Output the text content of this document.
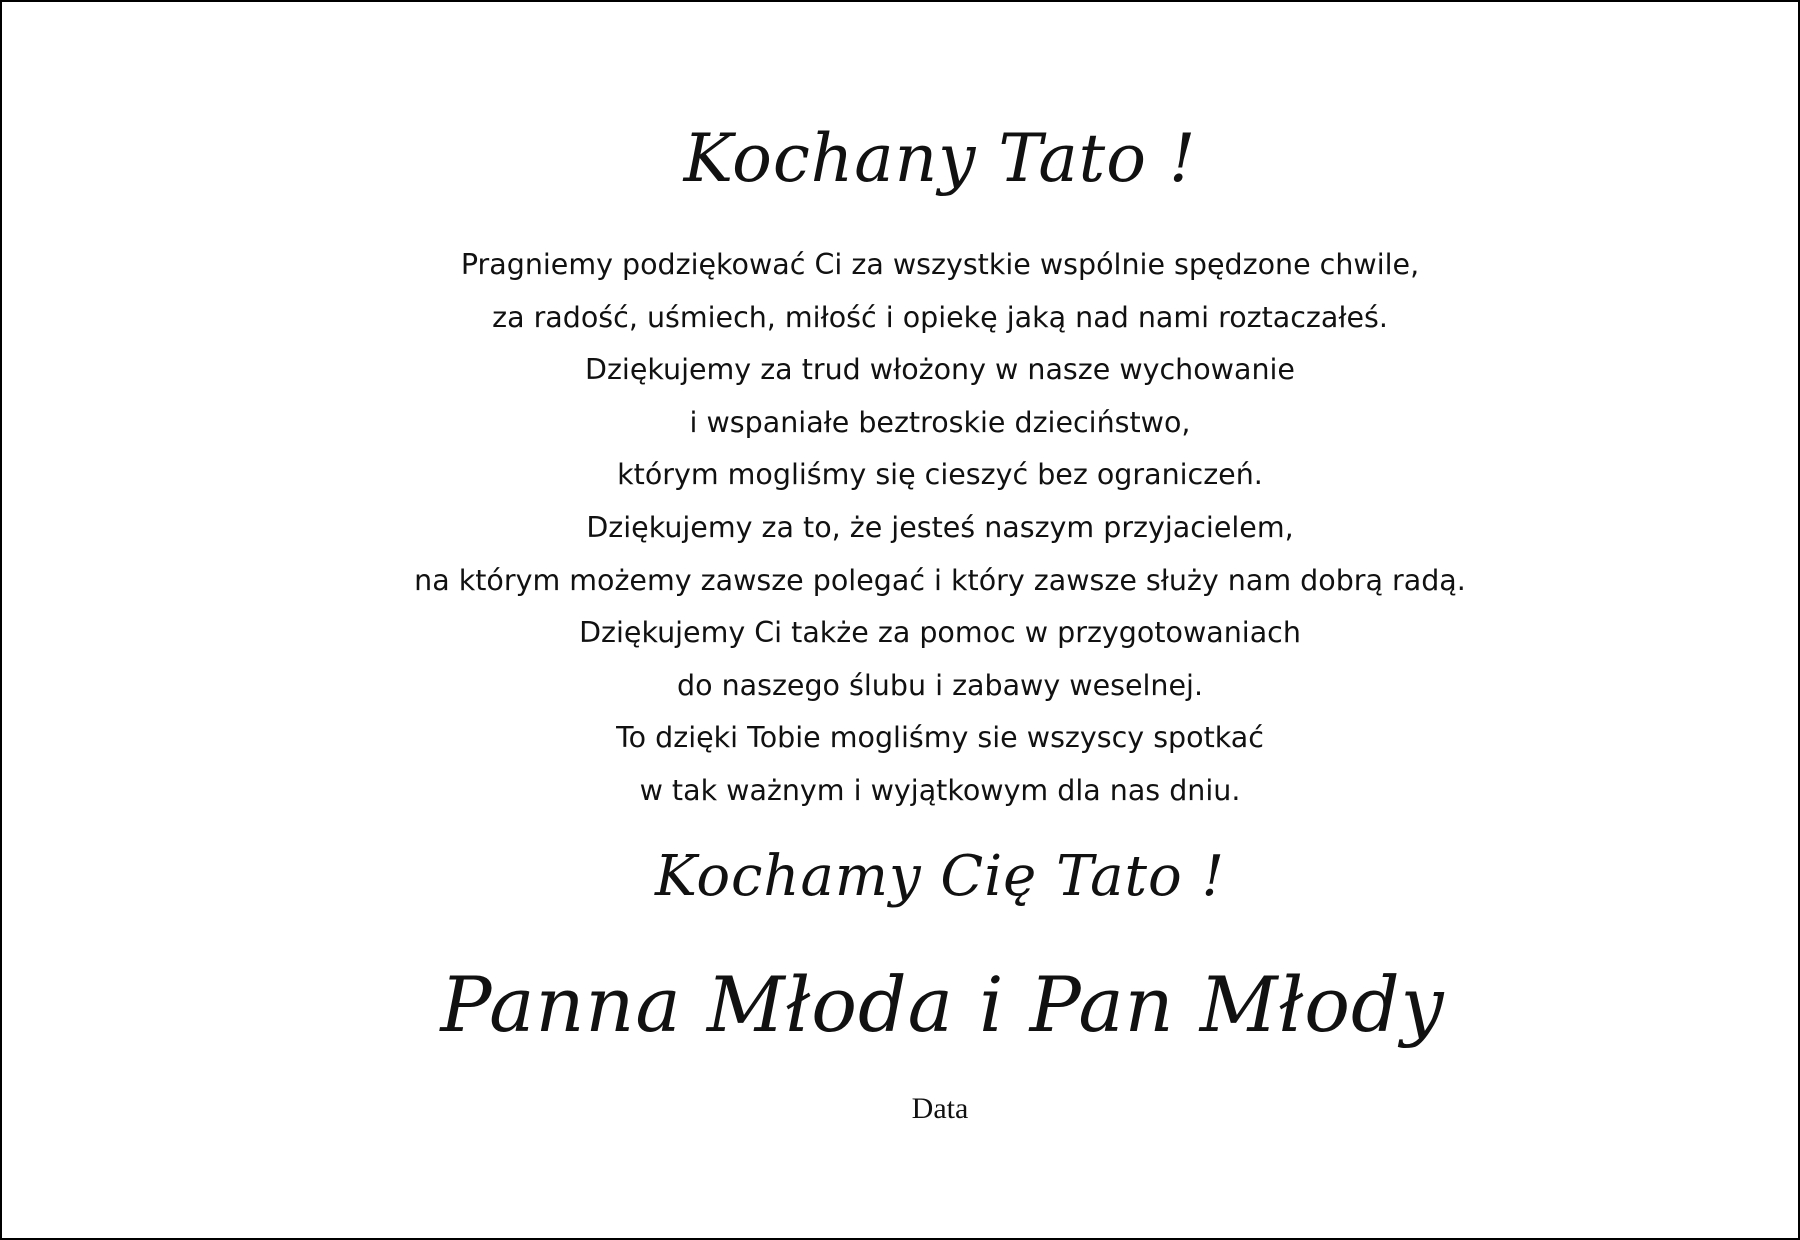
Kochany Tato !
Pragniemy podziękować Ci za wszystkie wspólnie spędzone chwile,
za radość, uśmiech, miłość i opiekę jaką nad nami roztaczałeś.
Dziękujemy za trud włożony w nasze wychowanie
i wspaniałe beztroskie dzieciństwo,
którym mogliśmy się cieszyć bez ograniczeń.
Dziękujemy za to, że jesteś naszym przyjacielem,
na którym możemy zawsze polegać i który zawsze służy nam dobrą radą.
Dziękujemy Ci także za pomoc w przygotowaniach
do naszego ślubu i zabawy weselnej.
To dzięki Tobie mogliśmy sie wszyscy spotkać
w tak ważnym i wyjątkowym dla nas dniu.
Kochamy Cię Tato !
Panna Młoda i Pan Młody
Data
